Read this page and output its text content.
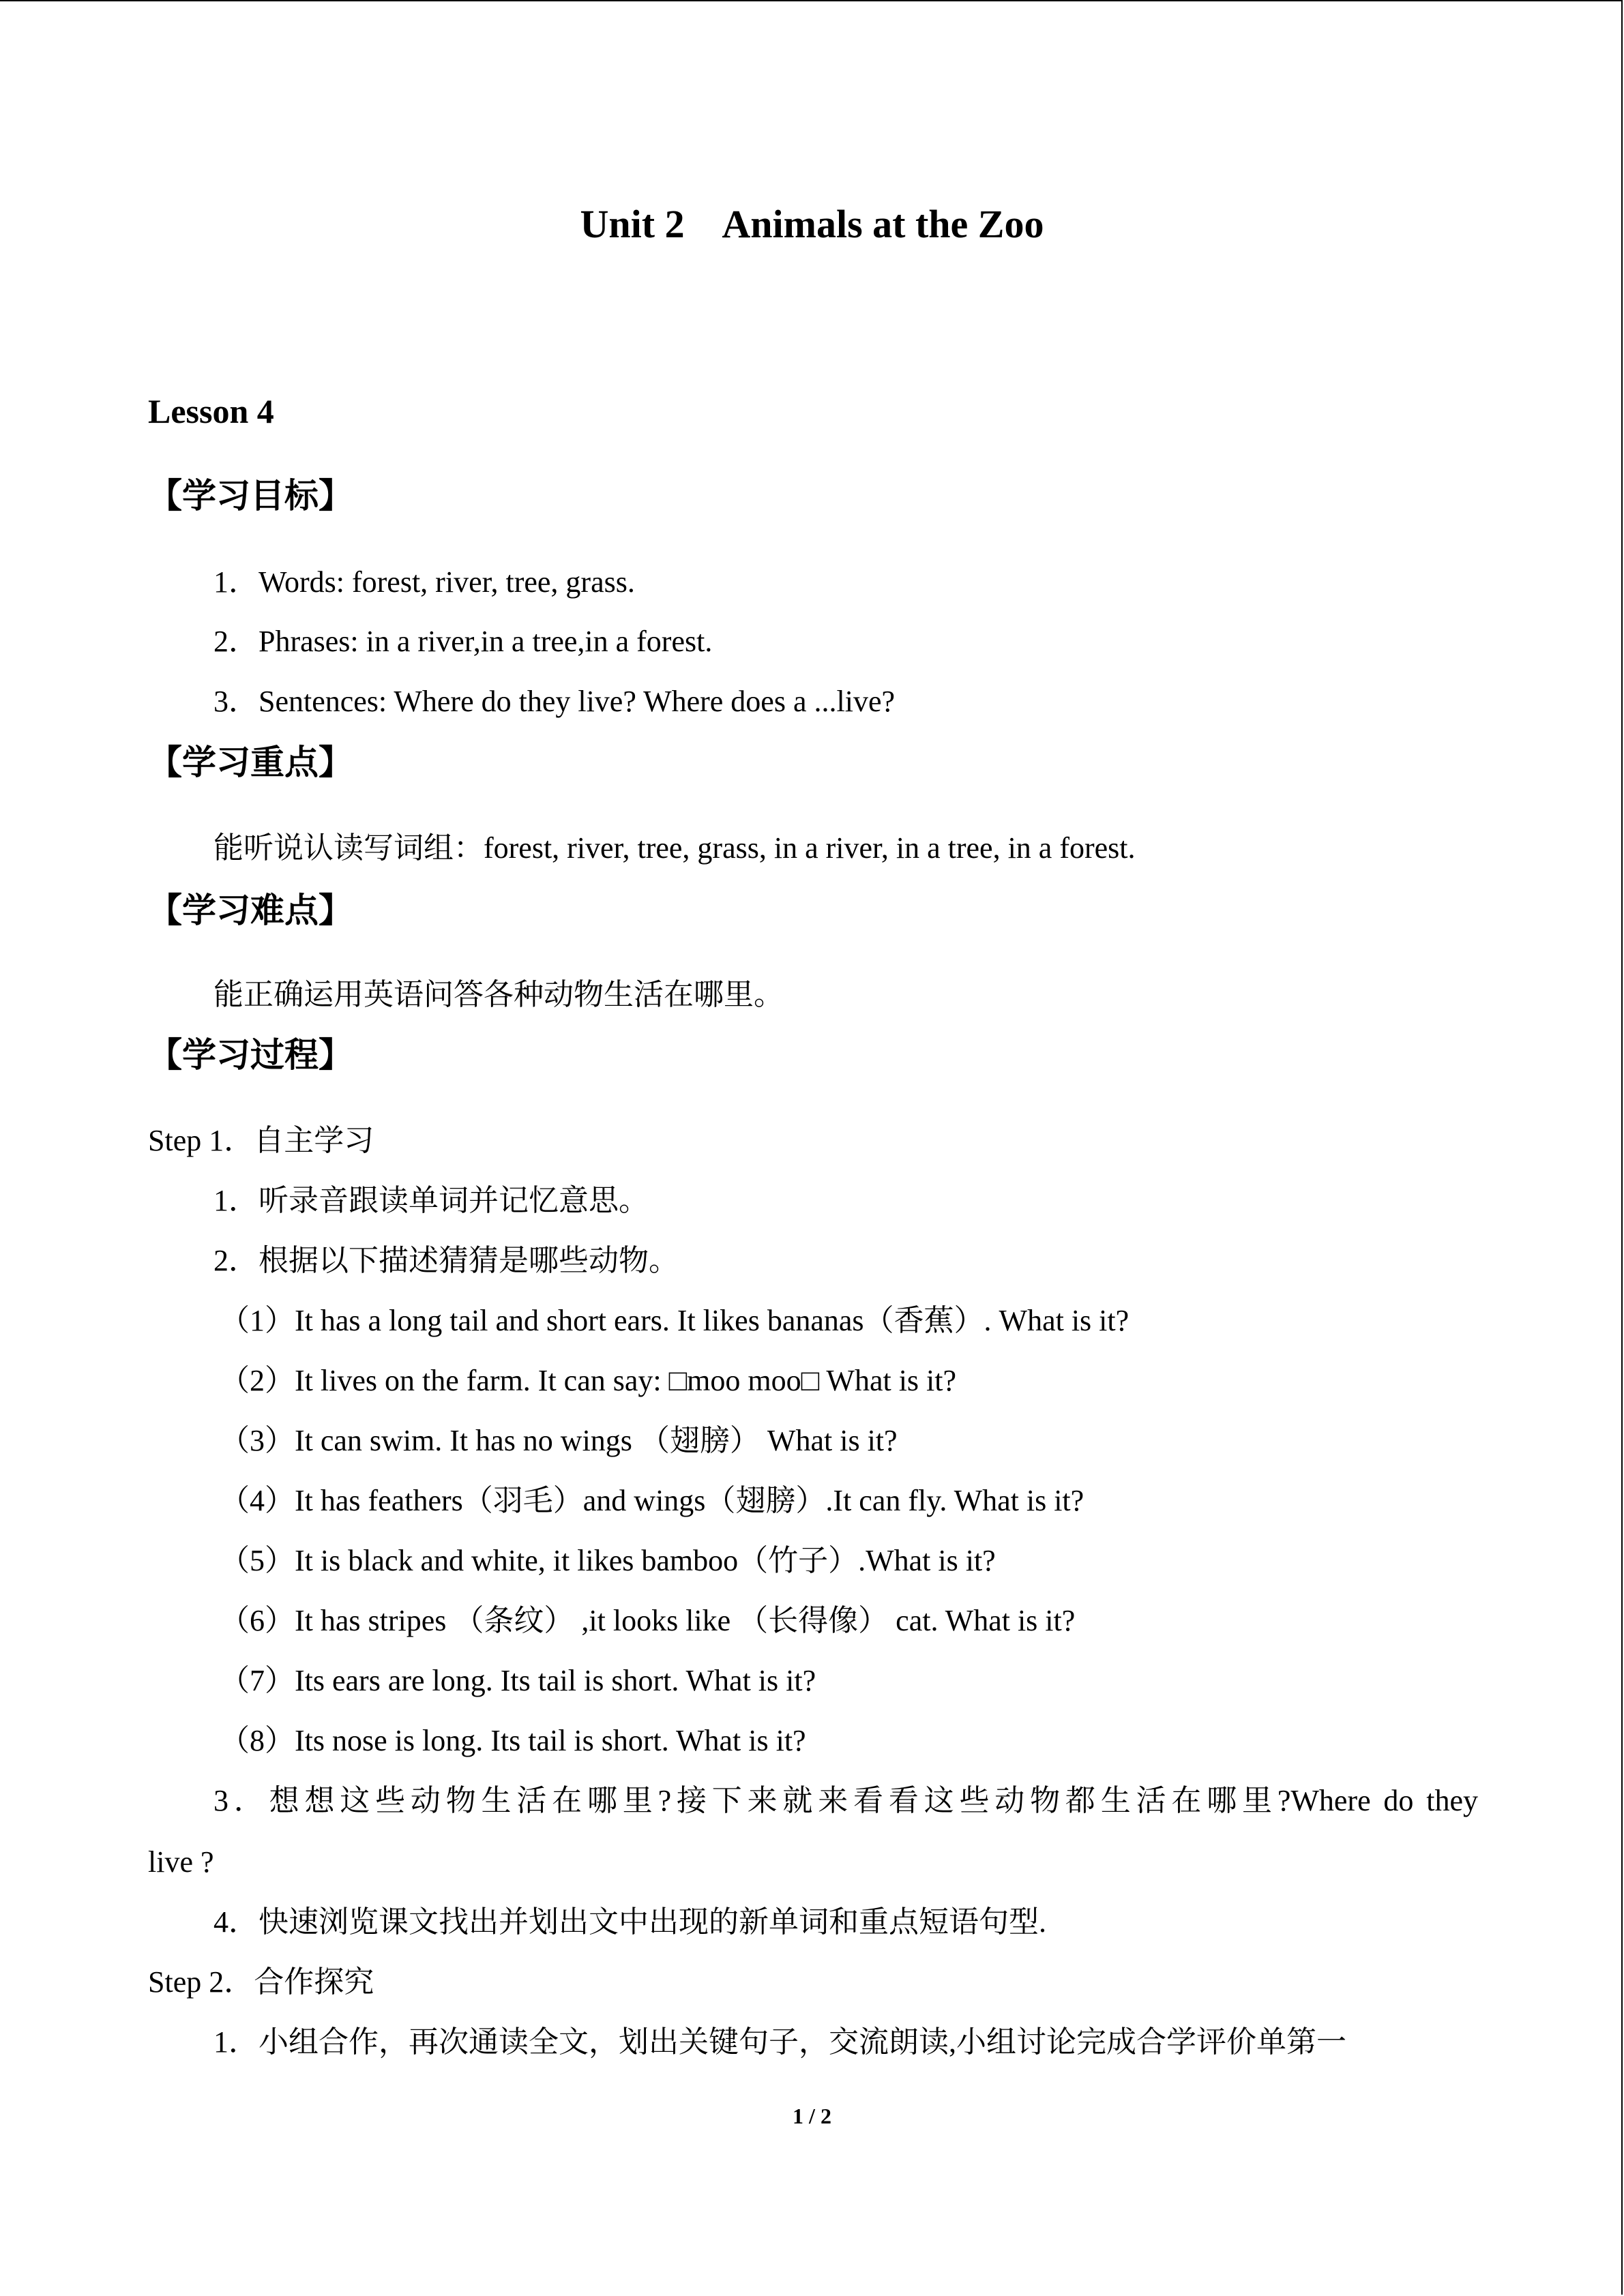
Unit 2    Animals at the Zoo
Lesson 4
【学习目标】
1．Words: forest, river, tree, grass.
2．Phrases: in a river,in a tree,in a forest.
3．Sentences: Where do they live? Where does a ...live?
【学习重点】
能听说认读写词组：forest, river, tree, grass, in a river, in a tree, in a forest.
【学习难点】
能正确运用英语问答各种动物生活在哪里。
【学习过程】
Step 1．自主学习
1．听录音跟读单词并记忆意思。
2．根据以下描述猜猜是哪些动物。
（1）It has a long tail and short ears. It likes bananas（香蕉）. What is it?
（2）It lives on the farm. It can say: □moo moo□ What is it?
（3）It can swim. It has no wings （翅膀） What is it?
（4）It has feathers（羽毛）and wings（翅膀）.It can fly. What is it?
（5）It is black and white, it likes bamboo（竹子）.What is it?
（6）It has stripes （条纹） ,it looks like （长得像） cat. What is it?
（7）Its ears are long. Its tail is short. What is it?
（8）Its nose is long. Its tail is short. What is it?
3．想想这些动物生活在哪里?接下来就来看看这些动物都生活在哪里?Where do they
live ?
4．快速浏览课文找出并划出文中出现的新单词和重点短语句型.
Step 2．合作探究
1．小组合作，再次通读全文，划出关键句子，交流朗读,小组讨论完成合学评价单第一
1 / 2
